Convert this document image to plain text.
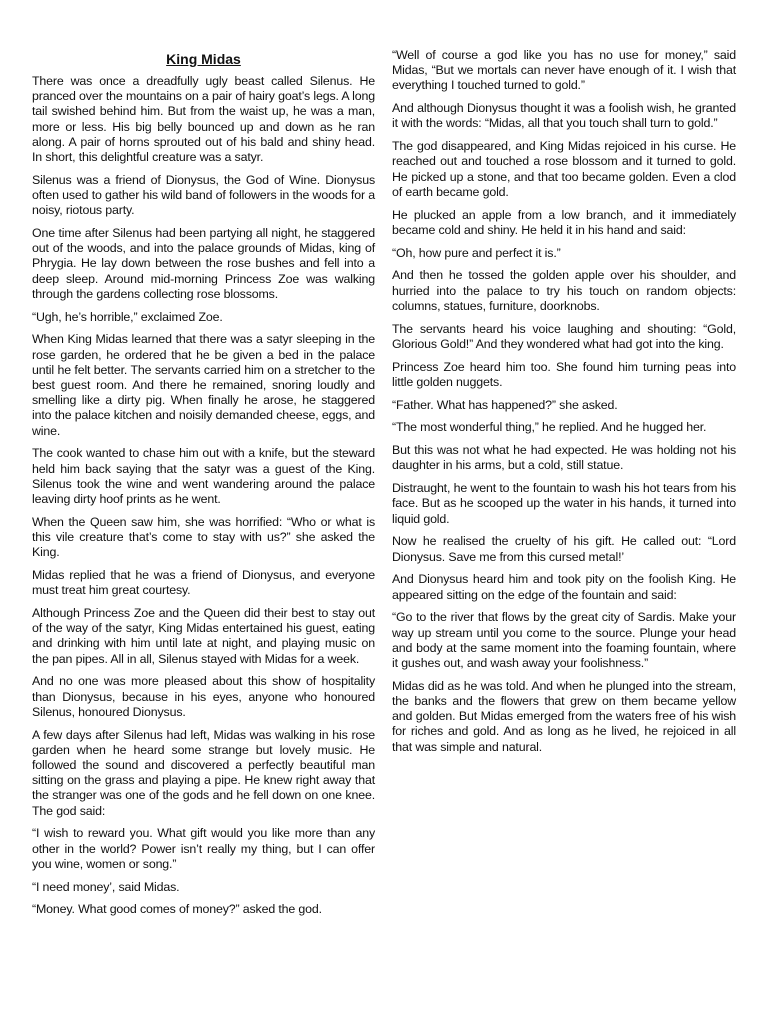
King Midas

There was once a dreadfully ugly beast called Silenus. He pranced over the mountains on a pair of hairy goat’s legs. A long tail swished behind him. But from the waist up, he was a man, more or less. His big belly bounced up and down as he ran along. A pair of horns sprouted out of his bald and shiny head. In short, this delightful creature was a satyr.

Silenus was a friend of Dionysus, the God of Wine. Dionysus often used to gather his wild band of followers in the woods for a noisy, riotous party.

One time after Silenus had been partying all night, he staggered out of the woods, and into the palace grounds of Midas, king of Phrygia. He lay down between the rose bushes and fell into a deep sleep. Around mid-morning Princess Zoe was walking through the gardens collecting rose blossoms.

“Ugh, he’s horrible,” exclaimed Zoe.

When King Midas learned that there was a satyr sleeping in the rose garden, he ordered that he be given a bed in the palace until he felt better. The servants carried him on a stretcher to the best guest room. And there he remained, snoring loudly and smelling like a dirty pig. When finally he arose, he staggered into the palace kitchen and noisily demanded cheese, eggs, and wine.

The cook wanted to chase him out with a knife, but the steward held him back saying that the satyr was a guest of the King. Silenus took the wine and went wandering around the palace leaving dirty hoof prints as he went.

When the Queen saw him, she was horrified: “Who or what is this vile creature that’s come to stay with us?” she asked the King.

Midas replied that he was a friend of Dionysus, and everyone must treat him great courtesy.

Although Princess Zoe and the Queen did their best to stay out of the way of the satyr, King Midas entertained his guest, eating and drinking with him until late at night, and playing music on the pan pipes. All in all, Silenus stayed with Midas for a week.

And no one was more pleased about this show of hospitality than Dionysus, because in his eyes, anyone who honoured Silenus, honoured Dionysus.

A few days after Silenus had left, Midas was walking in his rose garden when he heard some strange but lovely music. He followed the sound and discovered a perfectly beautiful man sitting on the grass and playing a pipe. He knew right away that the stranger was one of the gods and he fell down on one knee. The god said:

“I wish to reward you. What gift would you like more than any other in the world? Power isn’t really my thing, but I can offer you wine, women or song.”

“I need money’, said Midas.

“Money. What good comes of money?” asked the god.

“Well of course a god like you has no use for money,” said Midas, “But we mortals can never have enough of it. I wish that everything I touched turned to gold.”

And although Dionysus thought it was a foolish wish, he granted it with the words: “Midas, all that you touch shall turn to gold.”

The god disappeared, and King Midas rejoiced in his curse. He reached out and touched a rose blossom and it turned to gold. He picked up a stone, and that too became golden. Even a clod of earth became gold.

He plucked an apple from a low branch, and it immediately became cold and shiny. He held it in his hand and said:

“Oh, how pure and perfect it is.”

And then he tossed the golden apple over his shoulder, and hurried into the palace to try his touch on random objects: columns, statues, furniture, doorknobs.

The servants heard his voice laughing and shouting: “Gold, Glorious Gold!” And they wondered what had got into the king.

Princess Zoe heard him too. She found him turning peas into little golden nuggets.

“Father. What has happened?” she asked.

“The most wonderful thing,” he replied. And he hugged her.

But this was not what he had expected. He was holding not his daughter in his arms, but a cold, still statue.

Distraught, he went to the fountain to wash his hot tears from his face. But as he scooped up the water in his hands, it turned into liquid gold.

Now he realised the cruelty of his gift. He called out: “Lord Dionysus. Save me from this cursed metal!’

And Dionysus heard him and took pity on the foolish King. He appeared sitting on the edge of the fountain and said:

“Go to the river that flows by the great city of Sardis. Make your way up stream until you come to the source. Plunge your head and body at the same moment into the foaming fountain, where it gushes out, and wash away your foolishness.”

Midas did as he was told. And when he plunged into the stream, the banks and the flowers that grew on them became yellow and golden. But Midas emerged from the waters free of his wish for riches and gold. And as long as he lived, he rejoiced in all that was simple and natural.
